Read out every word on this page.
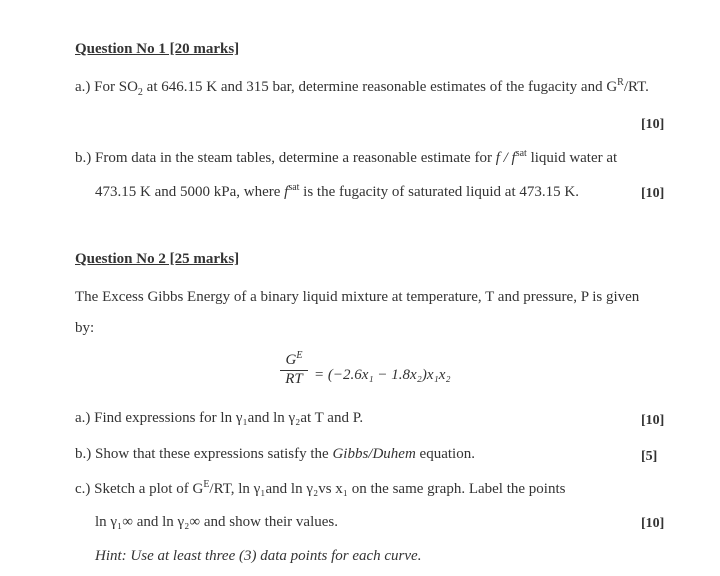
Question No 1 [20 marks]
a.) For $SO_2$ at 646.15 K and 315 bar, determine reasonable estimates of the fugacity and $G^R/RT$.
[10]
b.) From data in the steam tables, determine a reasonable estimate for f / $f^{sat}$ liquid water at
473.15 K and 5000 kPa, where $f^{sat}$ is the fugacity of saturated liquid at 473.15 K.	[10]
Question No 2 [25 marks]
The Excess Gibbs Energy of a binary liquid mixture at temperature, T and pressure, P is given
by:
$G^E$
RT = (−2.6x₁ − 1.8x₂)x₁x₂
a.) Find expressions for ln γ₁and ln γ₂at T and P.	[10]
b.) Show that these expressions satisfy the Gibbs/Duhem equation.	[5]
c.) Sketch a plot of $G^E/RT$, ln γ₁and ln γ₂vs x₁ on the same graph. Label the points
ln γ₁∞ and ln γ₂∞ and show their values.	[10]
Hint: Use at least three (3) data points for each curve.
